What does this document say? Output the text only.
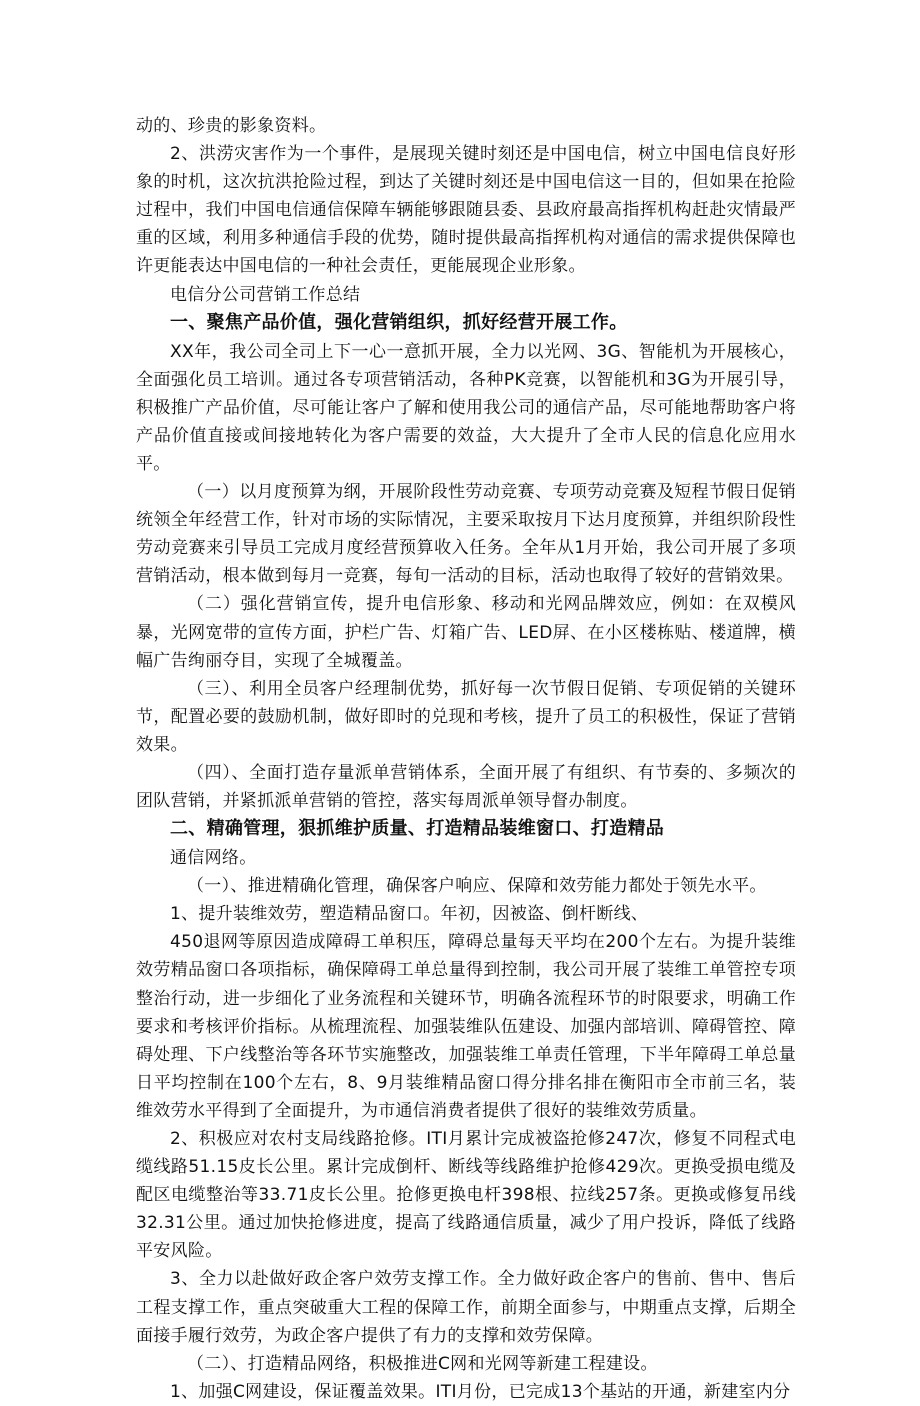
动的、珍贵的影象资料。

2、洪涝灾害作为一个事件，是展现关键时刻还是中国电信，树立中国电信良好形象的时机，这次抗洪抢险过程，到达了关键时刻还是中国电信这一目的，但如果在抢险过程中，我们中国电信通信保障车辆能够跟随县委、县政府最高指挥机构赶赴灾情最严重的区域，利用多种通信手段的优势，随时提供最高指挥机构对通信的需求提供保障也许更能表达中国电信的一种社会责任，更能展现企业形象。

电信分公司营销工作总结

一、聚焦产品价值，强化营销组织，抓好经营开展工作。

XX年，我公司全司上下一心一意抓开展，全力以光网、3G、智能机为开展核心，全面强化员工培训。通过各专项营销活动，各种PK竞赛，以智能机和3G为开展引导，积极推广产品价值，尽可能让客户了解和使用我公司的通信产品，尽可能地帮助客户将产品价值直接或间接地转化为客户需要的效益，大大提升了全市人民的信息化应用水平。

（一）以月度预算为纲，开展阶段性劳动竞赛、专项劳动竞赛及短程节假日促销统领全年经营工作，针对市场的实际情况，主要采取按月下达月度预算，并组织阶段性劳动竞赛来引导员工完成月度经营预算收入任务。全年从1月开始，我公司开展了多项营销活动，根本做到每月一竞赛，每旬一活动的目标，活动也取得了较好的营销效果。

（二）强化营销宣传，提升电信形象、移动和光网品牌效应，例如：在双模风暴，光网宽带的宣传方面，护栏广告、灯箱广告、LED屏、在小区楼栋贴、楼道牌，横幅广告绚丽夺目，实现了全城覆盖。

（三）、利用全员客户经理制优势，抓好每一次节假日促销、专项促销的关键环节，配置必要的鼓励机制，做好即时的兑现和考核，提升了员工的积极性，保证了营销效果。

（四）、全面打造存量派单营销体系，全面开展了有组织、有节奏的、多频次的团队营销，并紧抓派单营销的管控，落实每周派单领导督办制度。

二、精确管理，狠抓维护质量、打造精品装维窗口、打造精品

通信网络。

（一）、推进精确化管理，确保客户响应、保障和效劳能力都处于领先水平。

1、提升装维效劳，塑造精品窗口。年初，因被盗、倒杆断线、

450退网等原因造成障碍工单积压，障碍总量每天平均在200个左右。为提升装维效劳精品窗口各项指标，确保障碍工单总量得到控制，我公司开展了装维工单管控专项整治行动，进一步细化了业务流程和关键环节，明确各流程环节的时限要求，明确工作要求和考核评价指标。从梳理流程、加强装维队伍建设、加强内部培训、障碍管控、障碍处理、下户线整治等各环节实施整改，加强装维工单责任管理，下半年障碍工单总量日平均控制在100个左右，8、9月装维精品窗口得分排名排在衡阳市全市前三名，装维效劳水平得到了全面提升，为市通信消费者提供了很好的装维效劳质量。

2、积极应对农村支局线路抢修。ITI月累计完成被盗抢修247次，修复不同程式电缆线路51.15皮长公里。累计完成倒杆、断线等线路维护抢修429次。更换受损电缆及配区电缆整治等33.71皮长公里。抢修更换电杆398根、拉线257条。更换或修复吊线32.31公里。通过加快抢修进度，提高了线路通信质量，减少了用户投诉，降低了线路平安风险。

3、全力以赴做好政企客户效劳支撑工作。全力做好政企客户的售前、售中、售后工程支撑工作，重点突破重大工程的保障工作，前期全面参与，中期重点支撑，后期全面接手履行效劳，为政企客户提供了有力的支撑和效劳保障。

（二）、打造精品网络，积极推进C网和光网等新建工程建设。

1、加强C网建设，保证覆盖效果。ITI月份，已完成13个基站的开通，新建室内分
